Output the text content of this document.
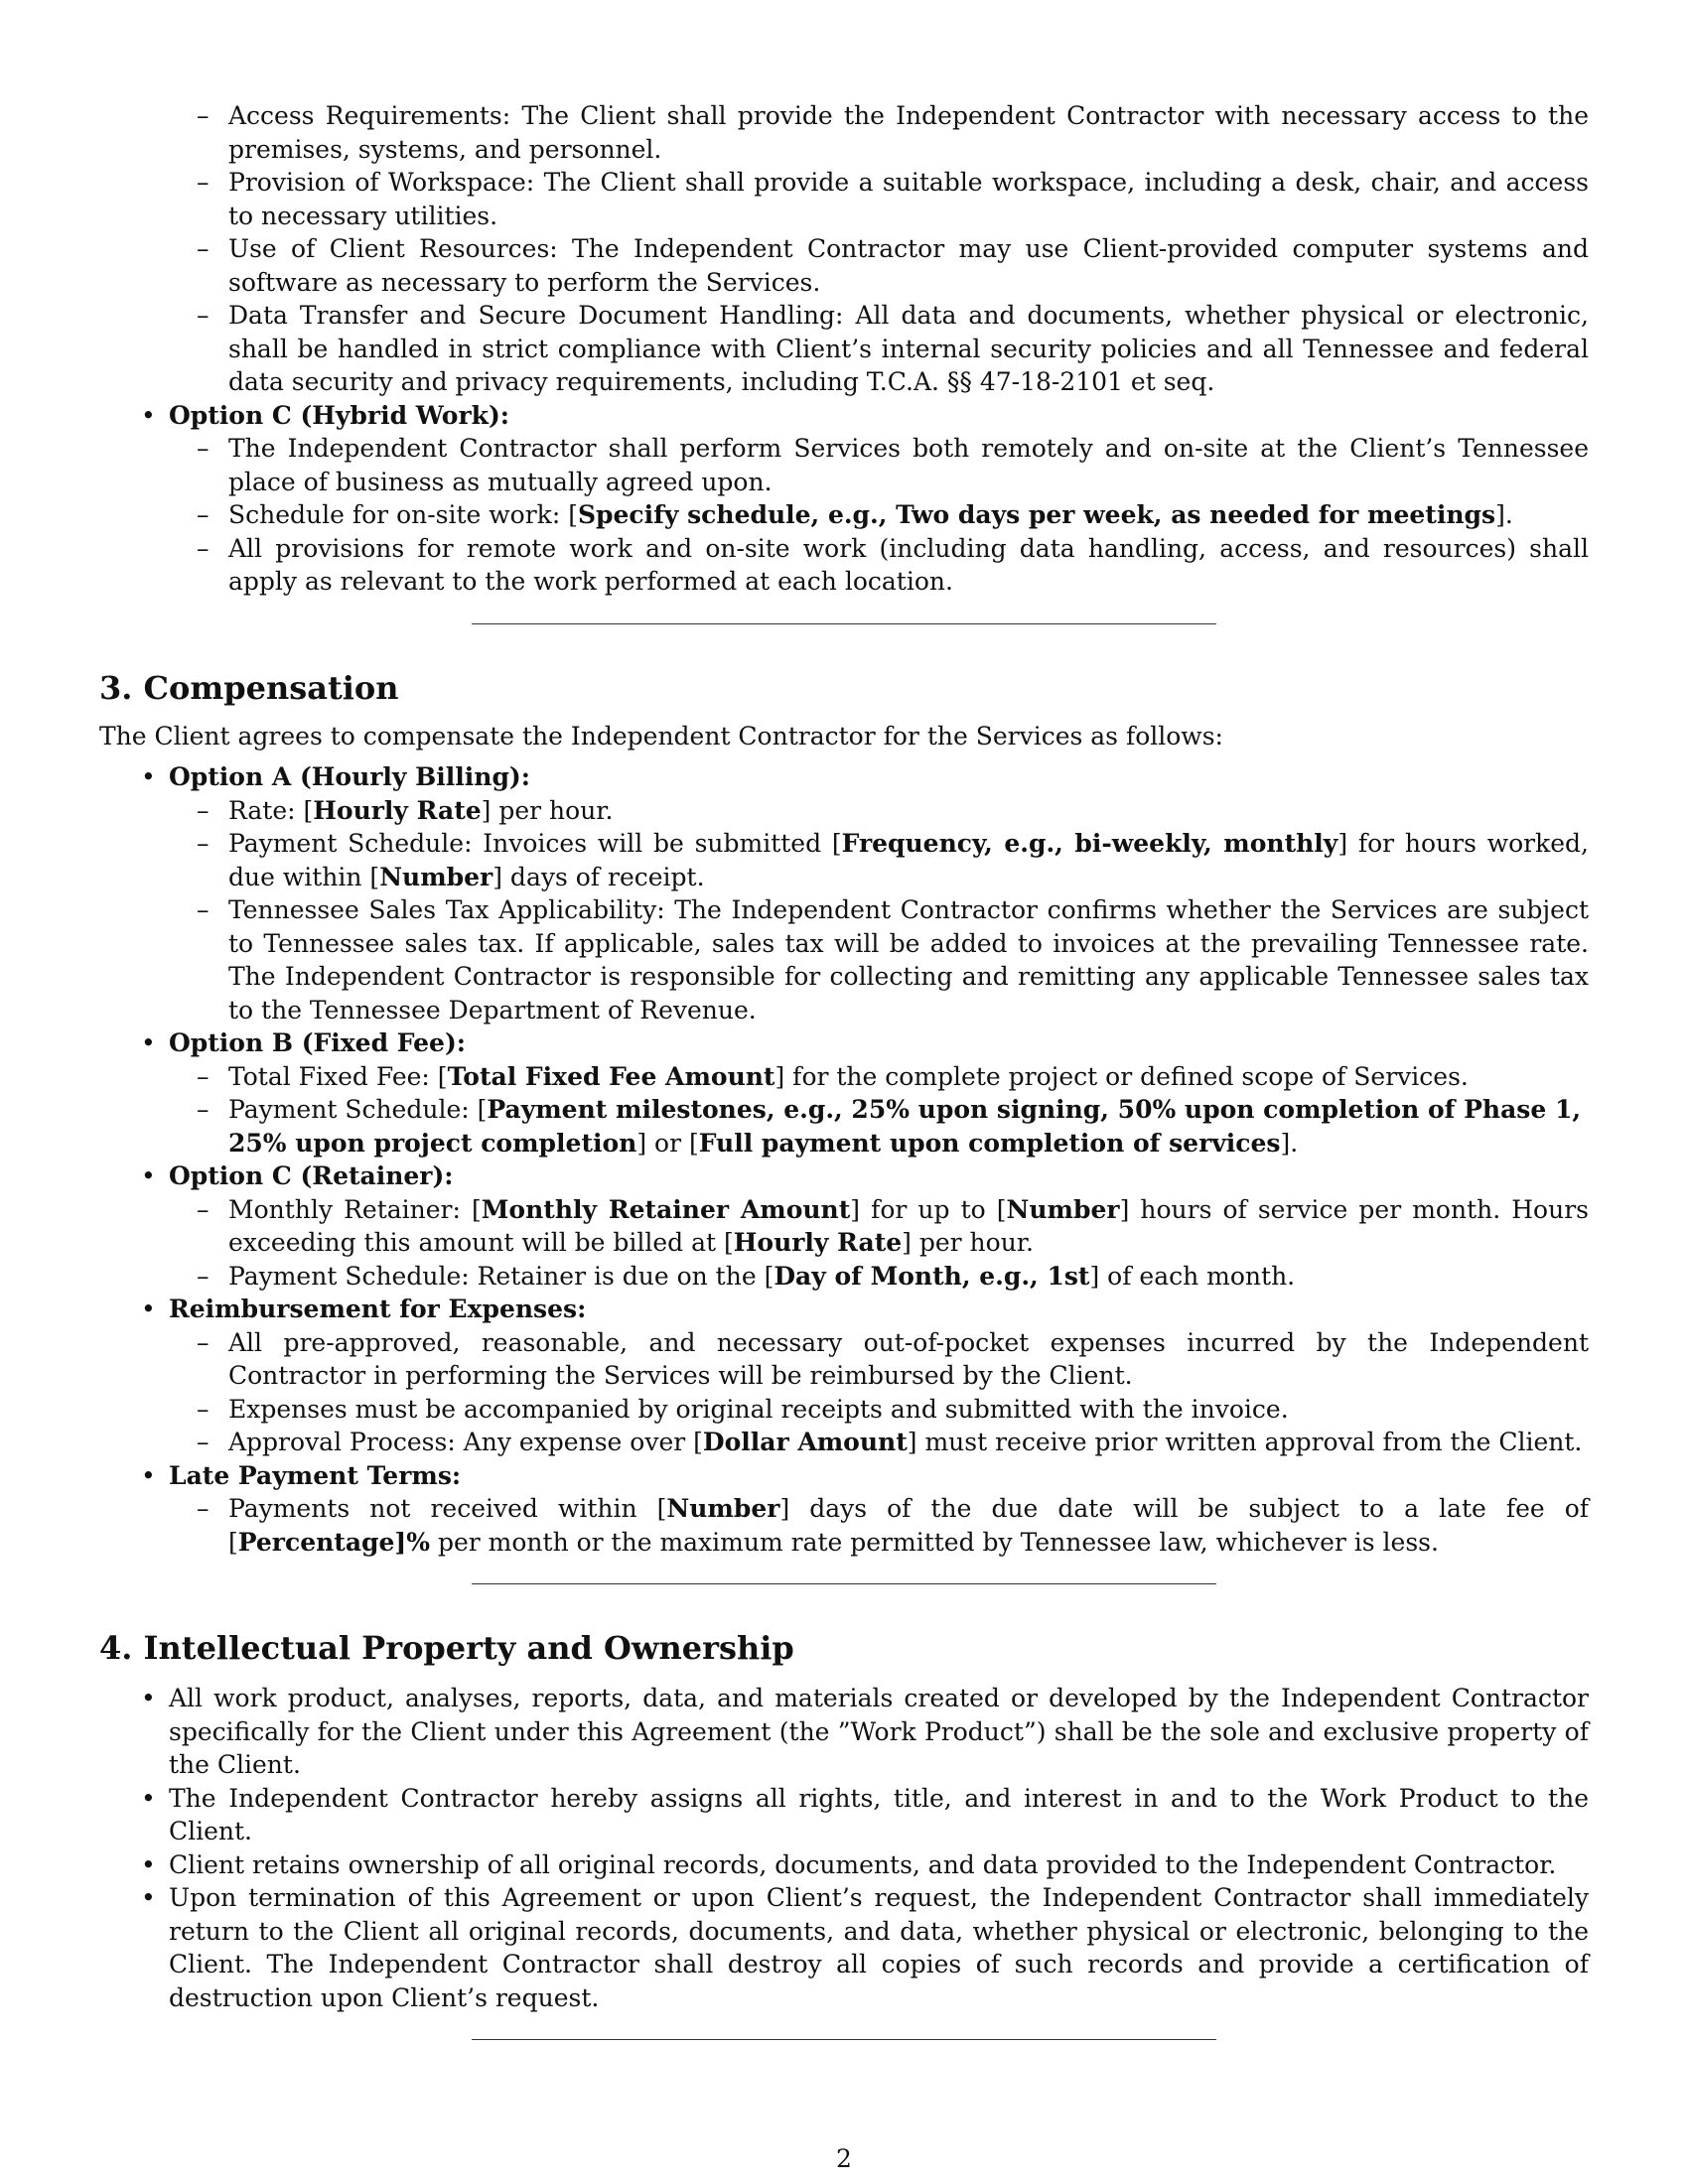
– Access Requirements: The Client shall provide the Independent Contractor with necessary access to the premises, systems, and personnel.
– Provision of Workspace: The Client shall provide a suitable workspace, including a desk, chair, and access to necessary utilities.
– Use of Client Resources: The Independent Contractor may use Client-provided computer systems and software as necessary to perform the Services.
– Data Transfer and Secure Document Handling: All data and documents, whether physical or electronic, shall be handled in strict compliance with Client’s internal security policies and all Tennessee and federal data security and privacy requirements, including T.C.A. §§ 47-18-2101 et seq.
• Option C (Hybrid Work):
– The Independent Contractor shall perform Services both remotely and on-site at the Client’s Tennessee place of business as mutually agreed upon.
– Schedule for on-site work: [Specify schedule, e.g., Two days per week, as needed for meetings].
– All provisions for remote work and on-site work (including data handling, access, and resources) shall apply as relevant to the work performed at each location.
3. Compensation

The Client agrees to compensate the Independent Contractor for the Services as follows:

• Option A (Hourly Billing):
– Rate: [Hourly Rate] per hour.
– Payment Schedule: Invoices will be submitted [Frequency, e.g., bi-weekly, monthly] for hours worked, due within [Number] days of receipt.
– Tennessee Sales Tax Applicability: The Independent Contractor confirms whether the Services are subject to Tennessee sales tax. If applicable, sales tax will be added to invoices at the prevailing Tennessee rate. The Independent Contractor is responsible for collecting and remitting any applicable Tennessee sales tax to the Tennessee Department of Revenue.
• Option B (Fixed Fee):
– Total Fixed Fee: [Total Fixed Fee Amount] for the complete project or defined scope of Services.
– Payment Schedule: [Payment milestones, e.g., 25% upon signing, 50% upon completion of Phase 1, 25% upon project completion] or [Full payment upon completion of services].
• Option C (Retainer):
– Monthly Retainer: [Monthly Retainer Amount] for up to [Number] hours of service per month. Hours exceeding this amount will be billed at [Hourly Rate] per hour.
– Payment Schedule: Retainer is due on the [Day of Month, e.g., 1st] of each month.
• Reimbursement for Expenses:
– All pre-approved, reasonable, and necessary out-of-pocket expenses incurred by the Independent Contractor in performing the Services will be reimbursed by the Client.
– Expenses must be accompanied by original receipts and submitted with the invoice.
– Approval Process: Any expense over [Dollar Amount] must receive prior written approval from the Client.
• Late Payment Terms:
– Payments not received within [Number] days of the due date will be subject to a late fee of [Percentage]% per month or the maximum rate permitted by Tennessee law, whichever is less.
4. Intellectual Property and Ownership
• All work product, analyses, reports, data, and materials created or developed by the Independent Contractor specifically for the Client under this Agreement (the ”Work Product”) shall be the sole and exclusive property of the Client.
• The Independent Contractor hereby assigns all rights, title, and interest in and to the Work Product to the Client.
• Client retains ownership of all original records, documents, and data provided to the Independent Contractor.
• Upon termination of this Agreement or upon Client’s request, the Independent Contractor shall immediately return to the Client all original records, documents, and data, whether physical or electronic, belonging to the Client. The Independent Contractor shall destroy all copies of such records and provide a certification of destruction upon Client’s request.
2
